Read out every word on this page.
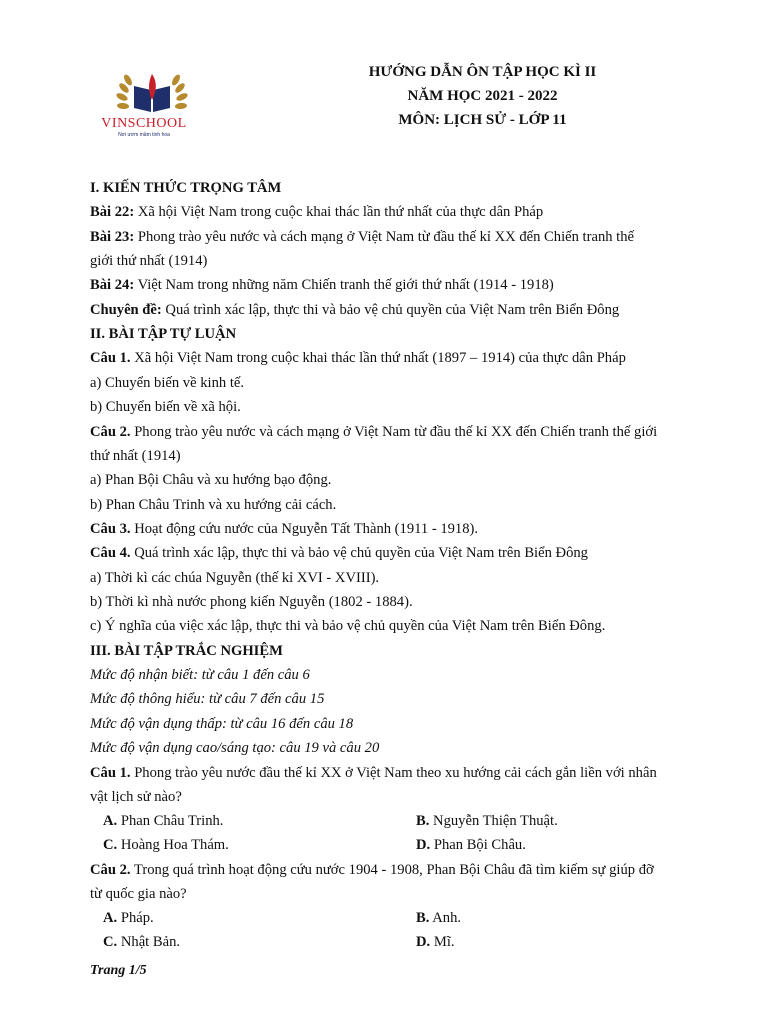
VINSCHOOL
Nơi ươm mầm tinh hoa
HƯỚNG DẪN ÔN TẬP HỌC KÌ II
NĂM HỌC 2021 - 2022
MÔN: LỊCH SỬ - LỚP 11
I. KIẾN THỨC TRỌNG TÂM
Bài 22: Xã hội Việt Nam trong cuộc khai thác lần thứ nhất của thực dân Pháp
Bài 23: Phong trào yêu nước và cách mạng ở Việt Nam từ đầu thế kỉ XX đến Chiến tranh thế
giới thứ nhất (1914)
Bài 24: Việt Nam trong những năm Chiến tranh thế giới thứ nhất (1914 - 1918)
Chuyên đề: Quá trình xác lập, thực thi và bảo vệ chủ quyền của Việt Nam trên Biển Đông
II. BÀI TẬP TỰ LUẬN
Câu 1. Xã hội Việt Nam trong cuộc khai thác lần thứ nhất (1897 – 1914) của thực dân Pháp
a) Chuyển biến về kinh tế.
b) Chuyển biến về xã hội.
Câu 2. Phong trào yêu nước và cách mạng ở Việt Nam từ đầu thế kỉ XX đến Chiến tranh thế giới
thứ nhất (1914)
a) Phan Bội Châu và xu hướng bạo động.
b) Phan Châu Trinh và xu hướng cải cách.
Câu 3. Hoạt động cứu nước của Nguyễn Tất Thành (1911 - 1918).
Câu 4. Quá trình xác lập, thực thi và bảo vệ chủ quyền của Việt Nam trên Biển Đông
a) Thời kì các chúa Nguyễn (thế kỉ XVI - XVIII).
b) Thời kì nhà nước phong kiến Nguyễn (1802 - 1884).
c) Ý nghĩa của việc xác lập, thực thi và bảo vệ chủ quyền của Việt Nam trên Biển Đông.
III. BÀI TẬP TRẮC NGHIỆM
Mức độ nhận biết: từ câu 1 đến câu 6
Mức độ thông hiểu: từ câu 7 đến câu 15
Mức độ vận dụng thấp: từ câu 16 đến câu 18
Mức độ vận dụng cao/sáng tạo: câu 19 và câu 20
Câu 1. Phong trào yêu nước đầu thế kỉ XX ở Việt Nam theo xu hướng cải cách gắn liền với nhân
vật lịch sử nào?
A. Phan Châu Trinh.	B. Nguyễn Thiện Thuật.
C. Hoàng Hoa Thám.	D. Phan Bội Châu.
Câu 2. Trong quá trình hoạt động cứu nước 1904 - 1908, Phan Bội Châu đã tìm kiếm sự giúp đỡ
từ quốc gia nào?
A. Pháp.	B. Anh.
C. Nhật Bản.	D. Mĩ.
Trang 1/5
